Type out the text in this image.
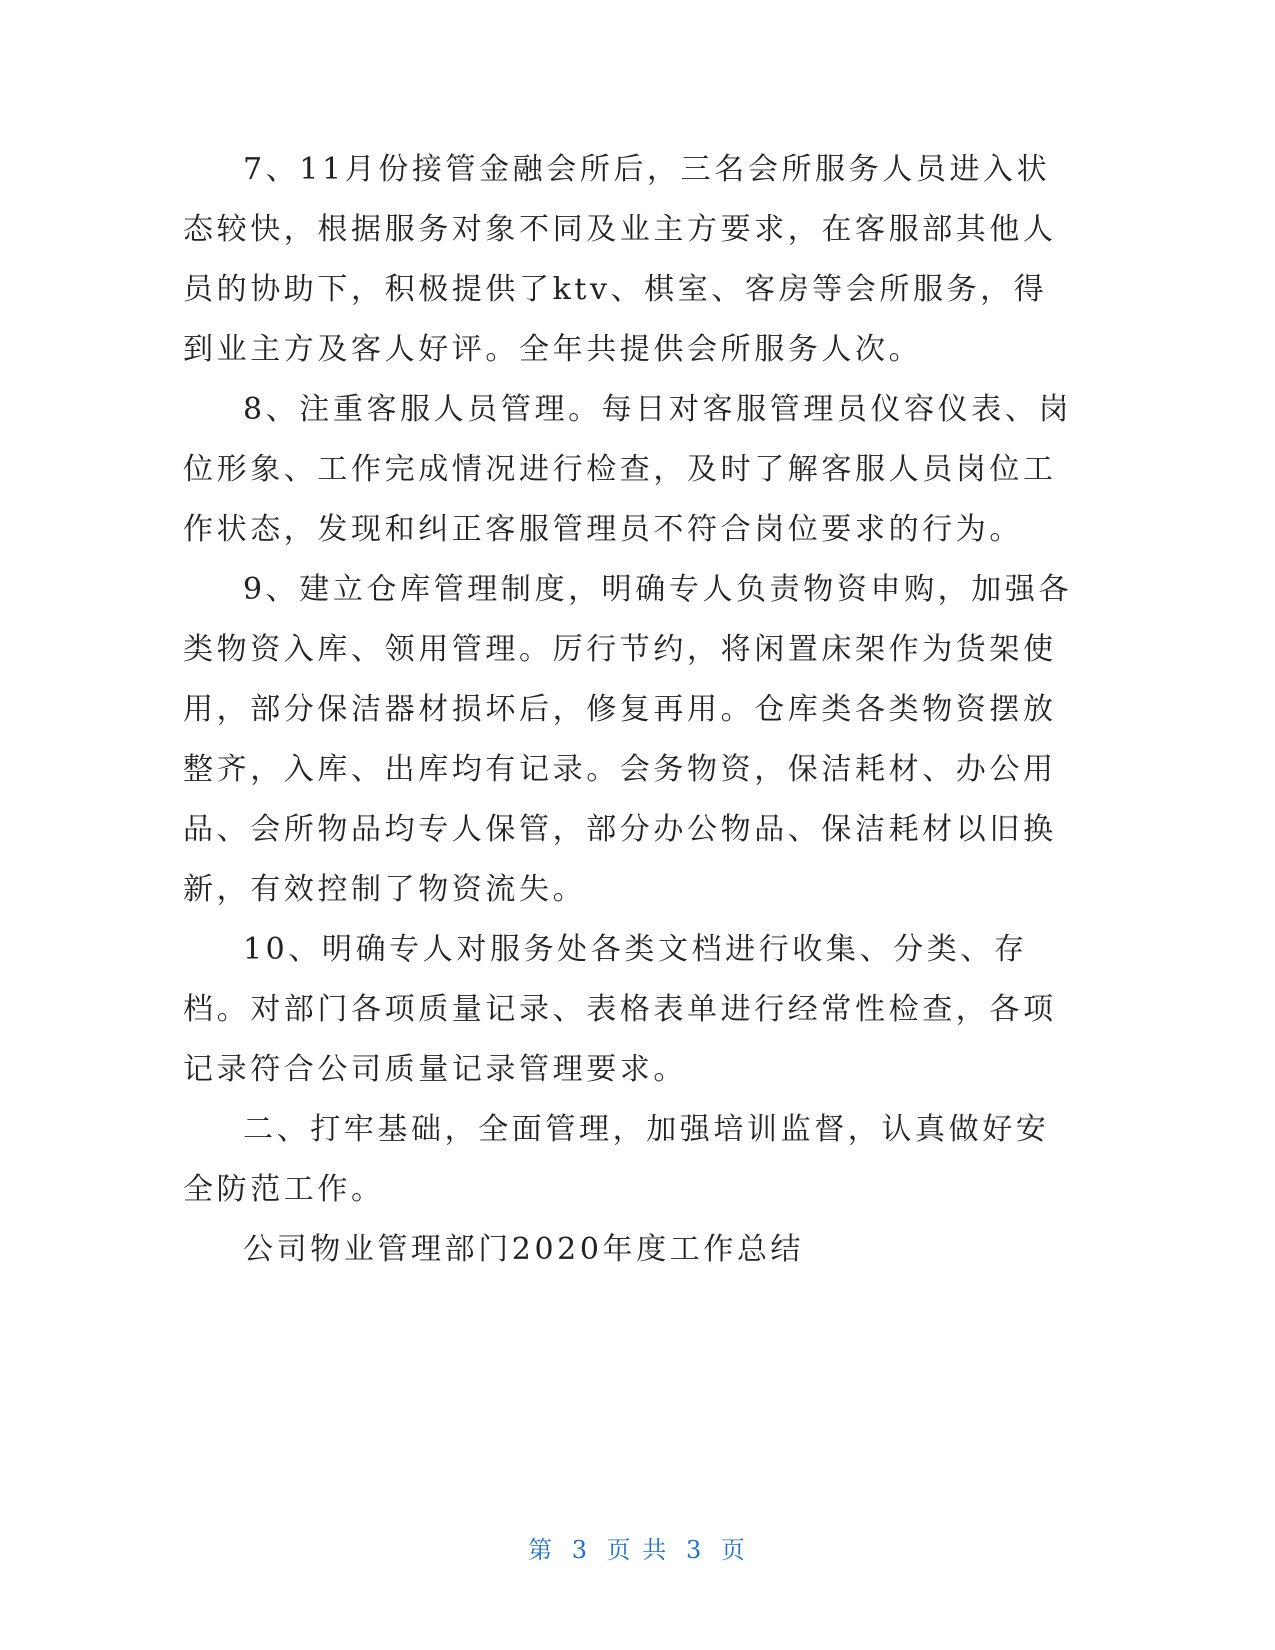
7、11月份接管金融会所后，三名会所服务人员进入状态较快，根据服务对象不同及业主方要求，在客服部其他人员的协助下，积极提供了ktv、棋室、客房等会所服务，得到业主方及客人好评。全年共提供会所服务人次。

8、注重客服人员管理。每日对客服管理员仪容仪表、岗位形象、工作完成情况进行检查，及时了解客服人员岗位工作状态，发现和纠正客服管理员不符合岗位要求的行为。

9、建立仓库管理制度，明确专人负责物资申购，加强各类物资入库、领用管理。厉行节约，将闲置床架作为货架使用，部分保洁器材损坏后，修复再用。仓库类各类物资摆放整齐，入库、出库均有记录。会务物资，保洁耗材、办公用品、会所物品均专人保管，部分办公物品、保洁耗材以旧换新，有效控制了物资流失。

10、明确专人对服务处各类文档进行收集、分类、存档。对部门各项质量记录、表格表单进行经常性检查，各项记录符合公司质量记录管理要求。

二、打牢基础，全面管理，加强培训监督，认真做好安全防范工作。

公司物业管理部门2020年度工作总结

第 3 页 共 3 页
